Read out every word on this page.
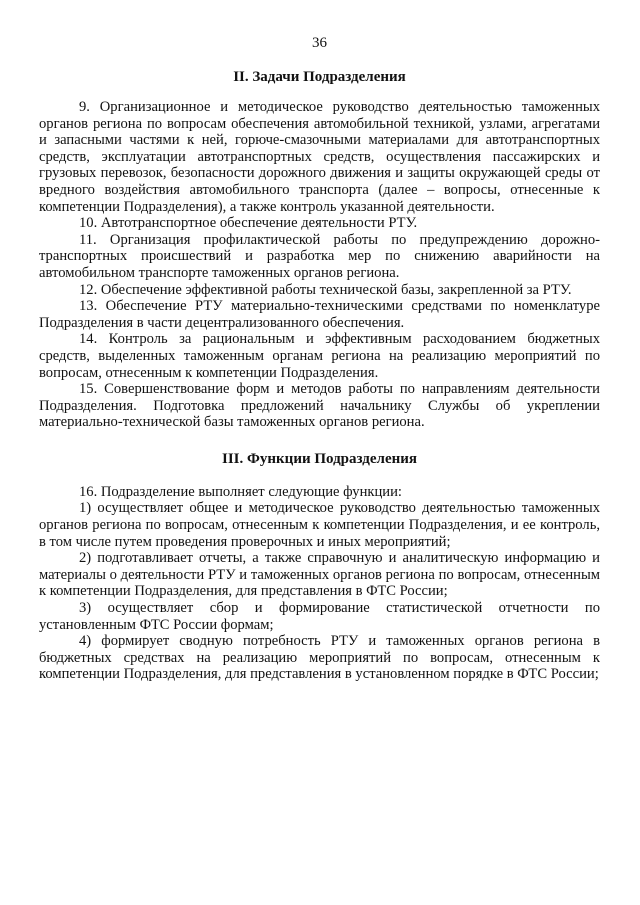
36
II. Задачи Подразделения

9. Организационное и методическое руководство деятельностью таможенных органов региона по вопросам обеспечения автомобильной техникой, узлами, агрегатами и запасными частями к ней, горюче-смазочными материалами для автотранспортных средств, эксплуатации автотранспортных средств, осуществления пассажирских и грузовых перевозок, безопасности дорожного движения и защиты окружающей среды от вредного воздействия автомобильного транспорта (далее – вопросы, отнесенные к компетенции Подразделения), а также контроль указанной деятельности.

10. Автотранспортное обеспечение деятельности РТУ.

11. Организация профилактической работы по предупреждению дорожно-транспортных происшествий и разработка мер по снижению аварийности на автомобильном транспорте таможенных органов региона.

12. Обеспечение эффективной работы технической базы, закрепленной за РТУ.

13. Обеспечение РТУ материально-техническими средствами по номенклатуре Подразделения в части децентрализованного обеспечения.

14. Контроль за рациональным и эффективным расходованием бюджетных средств, выделенных таможенным органам региона на реализацию мероприятий по вопросам, отнесенным к компетенции Подразделения.

15. Совершенствование форм и методов работы по направлениям деятельности Подразделения. Подготовка предложений начальнику Службы об укреплении материально-технической базы таможенных органов региона.

III. Функции Подразделения

16. Подразделение выполняет следующие функции:

1) осуществляет общее и методическое руководство деятельностью таможенных органов региона по вопросам, отнесенным к компетенции Подразделения, и ее контроль, в том числе путем проведения проверочных и иных мероприятий;

2) подготавливает отчеты, а также справочную и аналитическую информацию и материалы о деятельности РТУ и таможенных органов региона по вопросам, отнесенным к компетенции Подразделения, для представления в ФТС России;

3) осуществляет сбор и формирование статистической отчетности по установленным ФТС России формам;

4) формирует сводную потребность РТУ и таможенных органов региона в бюджетных средствах на реализацию мероприятий по вопросам, отнесенным к компетенции Подразделения, для представления в установленном порядке в ФТС России;
